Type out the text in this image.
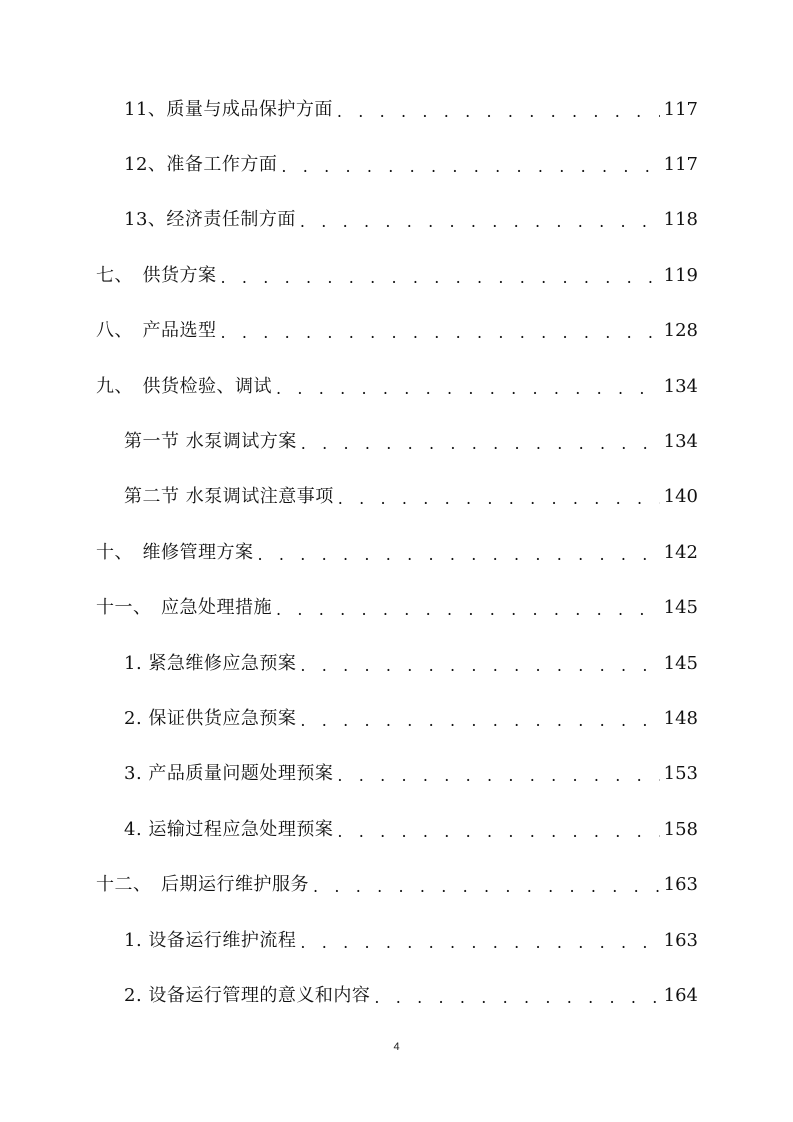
11、质量与成品保护方面 . . .	117
12、准备工作方面 . . .	117
13、经济责任制方面 . . .	118
七、　供货方案 . . .	119
八、　产品选型 . . .	128
九、　供货检验、调试 . . .	134
第一节 水泵调试方案 . . .	134
第二节 水泵调试注意事项 . . .	140
十、　维修管理方案 . . .	142
十一、　应急处理措施 . . .	145
1. 紧急维修应急预案 . . .	145
2. 保证供货应急预案 . . .	148
3. 产品质量问题处理预案 . . .	153
4. 运输过程应急处理预案 . . .	158
十二、　后期运行维护服务 . . .	163
1. 设备运行维护流程 . . .	163
2. 设备运行管理的意义和内容 . . .	164
4
